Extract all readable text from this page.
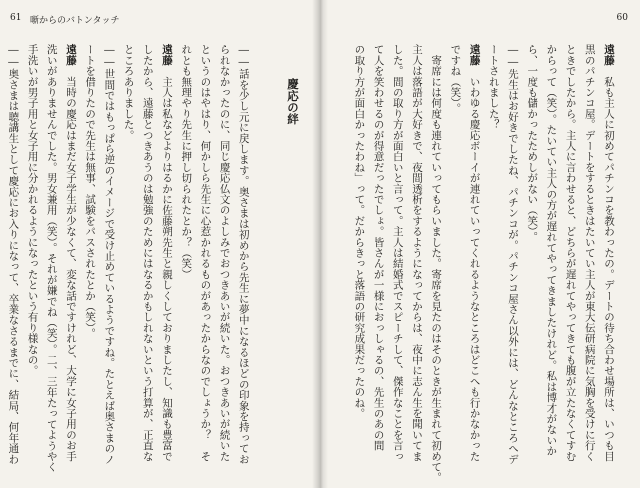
61 噺からのバトンタッチ
慶応の絆
――話を少し元に戻します。奥さまは初めから先生に夢中になるほどの印象を持ってお
られなかったのに、同じ慶応仏文のよしみでおつきあいが続いた。おつきあいが続いた
というのはやはり、何かしら先生に心惹かれるものがあったからなのでしょうか？　そ
れとも無理やり先生に押し切られたとか？（笑）
遠藤　主人は私などよりはるかに佐藤朔先生と親しくしておりましたし、知識も豊富で
したから、遠藤とつきあうのは勉強のためにはなるかもしれないという打算が、正直な
ところありました。
――世間ではもっぱら逆のイメージで受け止めているようですね。たとえば奥さまのノ
ートを借りたので先生は無事、試験をパスされたとか（笑）。
遠藤　当時の慶応はまだ女子学生が少なくて、変な話ですけれど、大学に女子用のお手
洗いがありませんでした。男女兼用（笑）。それが嫌でね（笑）。二、三年たってようやく
手洗いが男子用と女子用に分かれるようになったという有り様なの。
――奥さまは聴講生として慶応にお入りになって、卒業なさるまでに、結局、何年通わ
60
遠藤　私も主人に初めてパチンコを教わったの。デートの待ち合わせ場所は、いつも目
黒のパチンコ屋。デートをするときはたいてい主人が東大伝研病院に気胸を受けに行く
ときでしたから。主人に言わせると、どちらが遅れてやってきても腹が立たなくてすむ
からって（笑）。たいてい主人の方が遅れてやってきましたけれど。私は博才がないか
ら、一度も儲かったためしがない（笑）。
――先生はお好きでしたね、パチンコが。パチンコ屋さん以外には、どんなところへデ
ートされました？
遠藤　いわゆる慶応ボーイが連れていってくれるようなところはどこへも行かなかった
ですね（笑）。
　寄席には何度も連れていってもらいました。寄席を見たのはそのときが生まれて初めて。
主人は落語が大好きで、夜間透析をするようになってからは、夜中に志ん生を聞いてま
した。間の取り方が面白いと言って。主人は結婚式でスピーチして、傑作なことを言っ
て人を笑わせるのが得意だったでしょ。皆さんが一様におっしゃるの、先生のあの間
の取り方が面白かったわね」って。だからきっと落語の研究成果だったのね。
